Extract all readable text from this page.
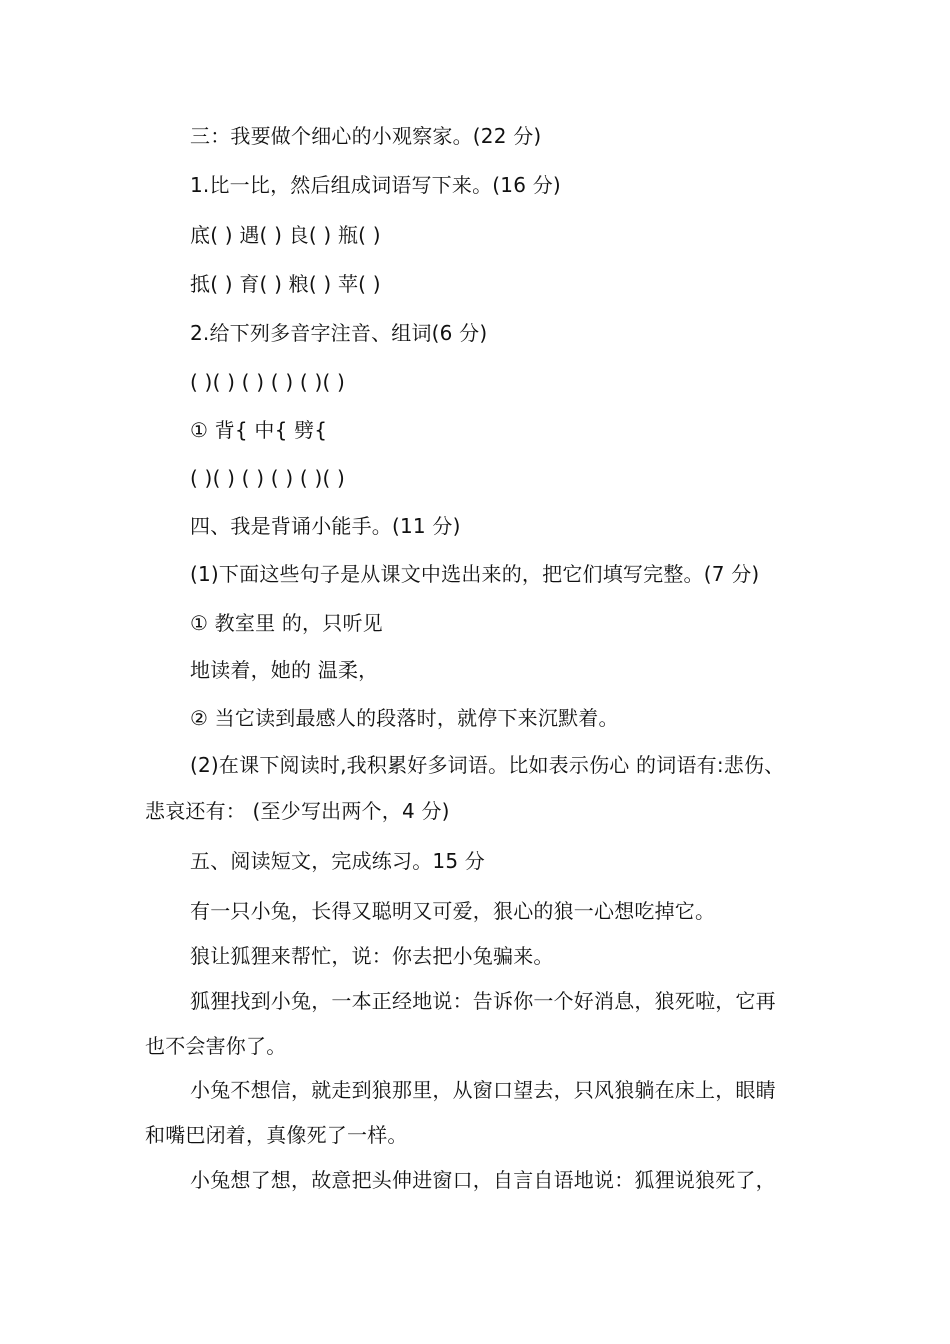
三：我要做个细心的小观察家。(22 分)
1.比一比，然后组成词语写下来。(16 分)
底( ) 遇( ) 良( ) 瓶( )
抵( ) 育( ) 粮( ) 苹( )
2.给下列多音字注音、组词(6 分)
( )( ) ( ) ( ) ( )( )
① 背{ 中{ 劈{
( )( ) ( ) ( ) ( )( )
四、我是背诵小能手。(11 分)
(1)下面这些句子是从课文中选出来的，把它们填写完整。(7 分)
① 教室里 的，只听见
地读着，她的 温柔，
② 当它读到最感人的段落时，就停下来沉默着。
(2)在课下阅读时,我积累好多词语。比如表示伤心 的词语有:悲伤、
悲哀还有： (至少写出两个，4 分)
五、阅读短文，完成练习。15 分
有一只小兔，长得又聪明又可爱，狠心的狼一心想吃掉它。
狼让狐狸来帮忙，说：你去把小兔骗来。
狐狸找到小兔，一本正经地说：告诉你一个好消息，狼死啦，它再
也不会害你了。
小兔不想信，就走到狼那里，从窗口望去，只风狼躺在床上，眼睛
和嘴巴闭着，真像死了一样。
小兔想了想，故意把头伸进窗口，自言自语地说：狐狸说狼死了，
